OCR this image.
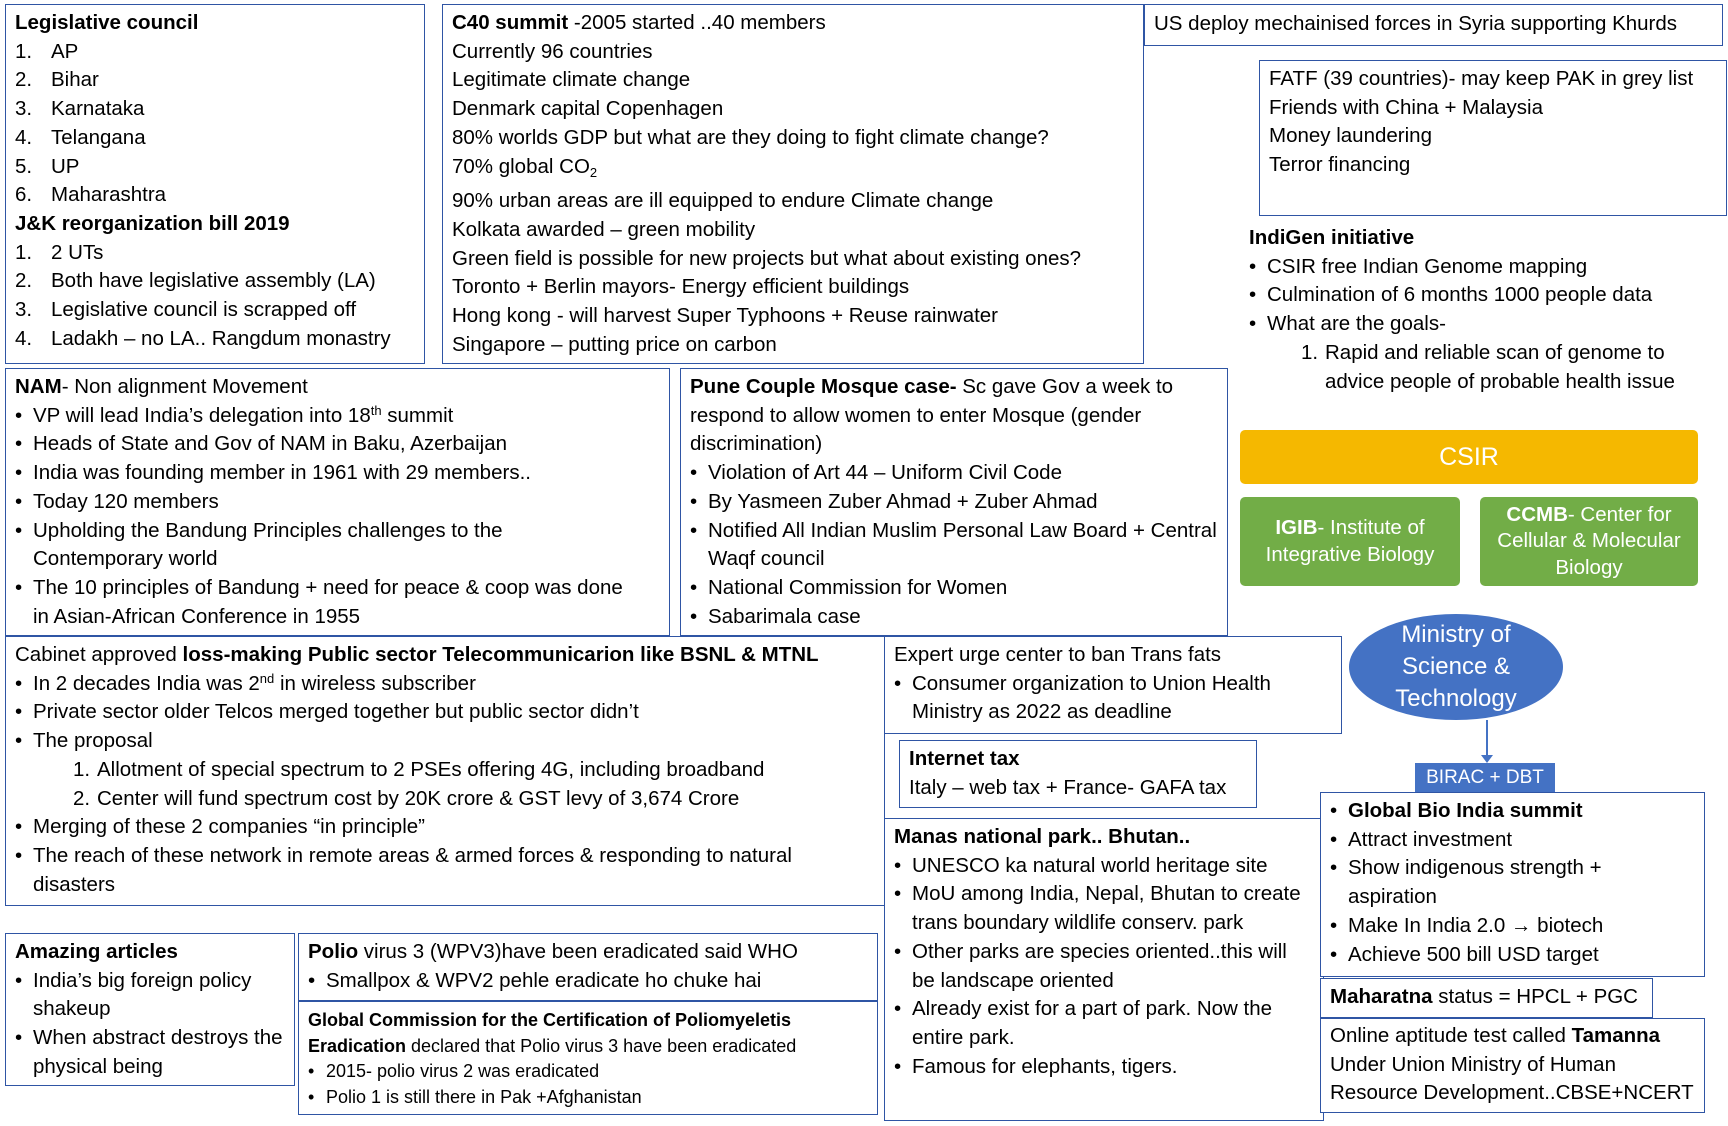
Legislative council
1. AP
2. Bihar
3. Karnataka
4. Telangana
5. UP
6. Maharashtra
J&K reorganization bill 2019
1. 2 UTs
2. Both have legislative assembly (LA)
3. Legislative council is scrapped off
4. Ladakh – no LA.. Rangdum monastry
C40 summit -2005 started ..40 members
Currently 96 countries
Legitimate climate change
Denmark capital Copenhagen
80% worlds GDP but what are they doing to fight climate change?
70% global $CO_2$
90% urban areas are ill equipped to endure Climate change
Kolkata awarded – green mobility
Green field is possible for new projects but what about existing ones?
Toronto + Berlin mayors- Energy efficient buildings
Hong kong - will harvest Super Typhoons + Reuse rainwater
Singapore – putting price on carbon
US deploy mechainised forces in Syria supporting Khurds
FATF (39 countries)- may keep PAK in grey list
Friends with China + Malaysia
Money laundering
Terror financing
IndiGen initiative
• CSIR free Indian Genome mapping
• Culmination of 6 months 1000 people data
• What are the goals-
1. Rapid and reliable scan of genome to advice people of probable health issue
CSIR
IGIB- Institute of Integrative Biology
CCMB- Center for Cellular & Molecular Biology
Ministry of Science & Technology
BIRAC + DBT
NAM- Non alignment Movement
• VP will lead India’s delegation into 18th summit
• Heads of State and Gov of NAM in Baku, Azerbaijan
• India was founding member in 1961 with 29 members..
• Today 120 members
• Upholding the Bandung Principles challenges to the Contemporary world
• The 10 principles of Bandung + need for peace & coop was done in Asian-African Conference in 1955
Pune Couple Mosque case- Sc gave Gov a week to respond to allow women to enter Mosque (gender discrimination)
• Violation of Art 44 – Uniform Civil Code
• By Yasmeen Zuber Ahmad + Zuber Ahmad
• Notified All Indian Muslim Personal Law Board + Central Waqf council
• National Commission for Women
• Sabarimala case
Cabinet approved loss-making Public sector Telecommunicarion like BSNL & MTNL
• In 2 decades India was 2nd in wireless subscriber
• Private sector older Telcos merged together but public sector didn’t
• The proposal
1. Allotment of special spectrum to 2 PSEs offering 4G, including broadband
2. Center will fund spectrum cost by 20K crore & GST levy of 3,674 Crore
• Merging of these 2 companies “in principle”
• The reach of these network in remote areas & armed forces & responding to natural disasters
Expert urge center to ban Trans fats
• Consumer organization to Union Health Ministry as 2022 as deadline
Internet tax
Italy – web tax + France- GAFA tax
Manas national park.. Bhutan..
• UNESCO ka natural world heritage site
• MoU among India, Nepal, Bhutan to create trans boundary wildlife conserv. park
• Other parks are species oriented..this will be landscape oriented
• Already exist for a part of park. Now the entire park.
• Famous for elephants, tigers.
• Global Bio India summit
• Attract investment
• Show indigenous strength + aspiration
• Make In India 2.0 → biotech
• Achieve 500 bill USD target
Maharatna status = HPCL + PGC
Online aptitude test called Tamanna Under Union Ministry of Human Resource Development..CBSE+NCERT
Amazing articles
• India’s big foreign policy shakeup
• When abstract destroys the physical being
Polio virus 3 (WPV3)have been eradicated said WHO
• Smallpox & WPV2 pehle eradicate ho chuke hai
Global Commission for the Certification of Poliomyeletis Eradication declared that Polio virus 3 have been eradicated
• 2015- polio virus 2 was eradicated
• Polio 1 is still there in Pak +Afghanistan
